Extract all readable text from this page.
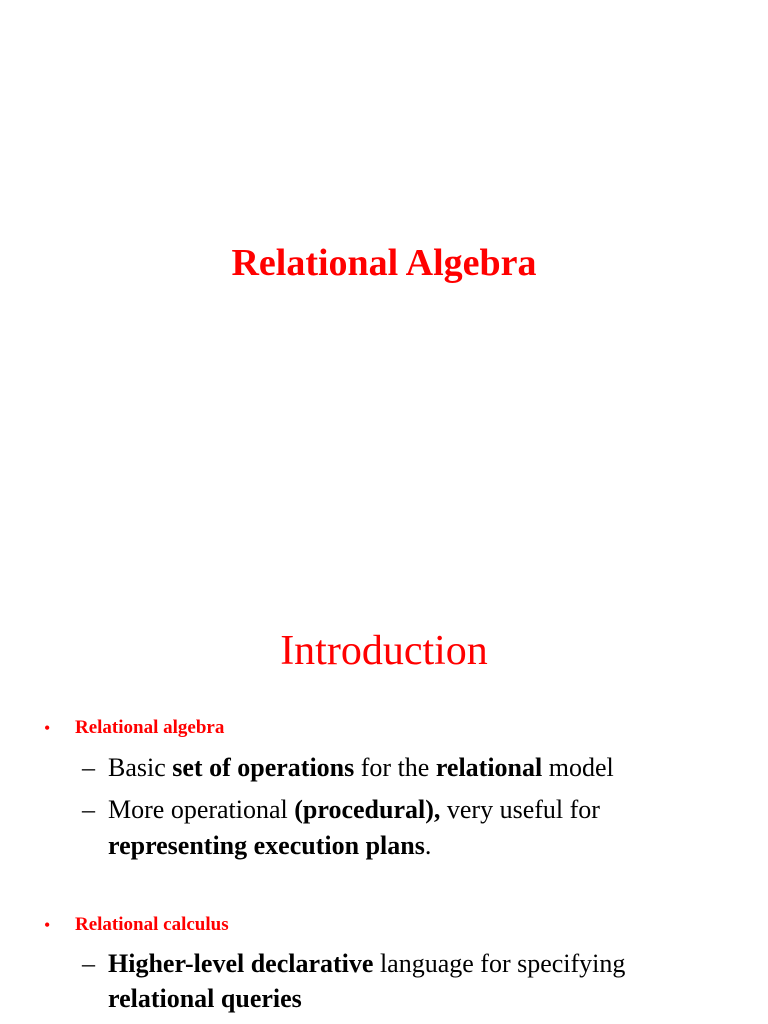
Relational Algebra
Introduction
• Relational algebra
– Basic set of operations for the relational model
– More operational (procedural), very useful for
representing execution plans.
• Relational calculus
– Higher-level declarative language for specifying
relational queries
